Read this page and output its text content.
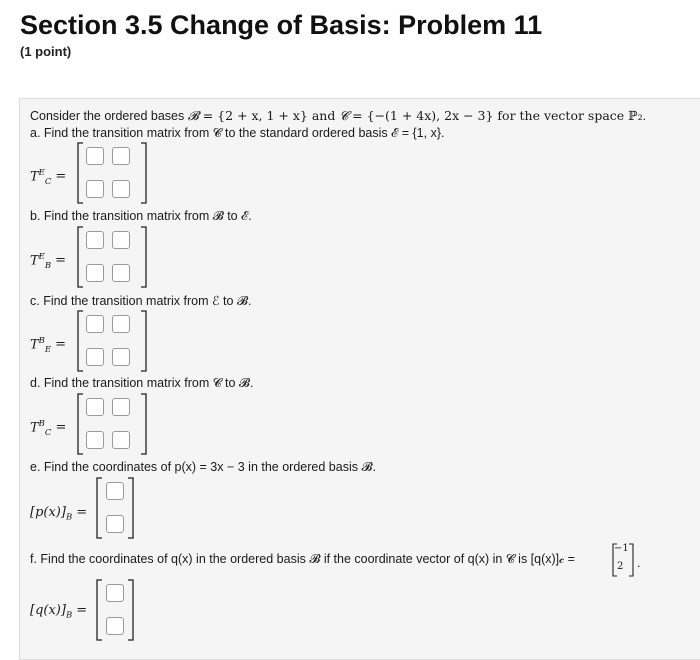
Section 3.5 Change of Basis: Problem 11
(1 point)
Consider the ordered bases 𝓑 = {2 + x, 1 + x} and 𝓒 = {−(1 + 4x), 2x − 3} for the vector space ℙ₂.
a. Find the transition matrix from 𝓒 to the standard ordered basis ℰ = {1, x}.
$T^E_C$ =
b. Find the transition matrix from 𝓑 to ℰ.
$T^E_B$ =
c. Find the transition matrix from ℰ to 𝓑.
$T^B_E$ =
d. Find the transition matrix from 𝓒 to 𝓑.
$T^B_C$ =
e. Find the coordinates of p(x) = 3x − 3 in the ordered basis 𝓑.
$[p(x)]_B$ =
f. Find the coordinates of q(x) in the ordered basis 𝓑 if the coordinate vector of q(x) in 𝓒 is [q(x)]𝒸 =
−1
2 .
$[q(x)]_B$ =
